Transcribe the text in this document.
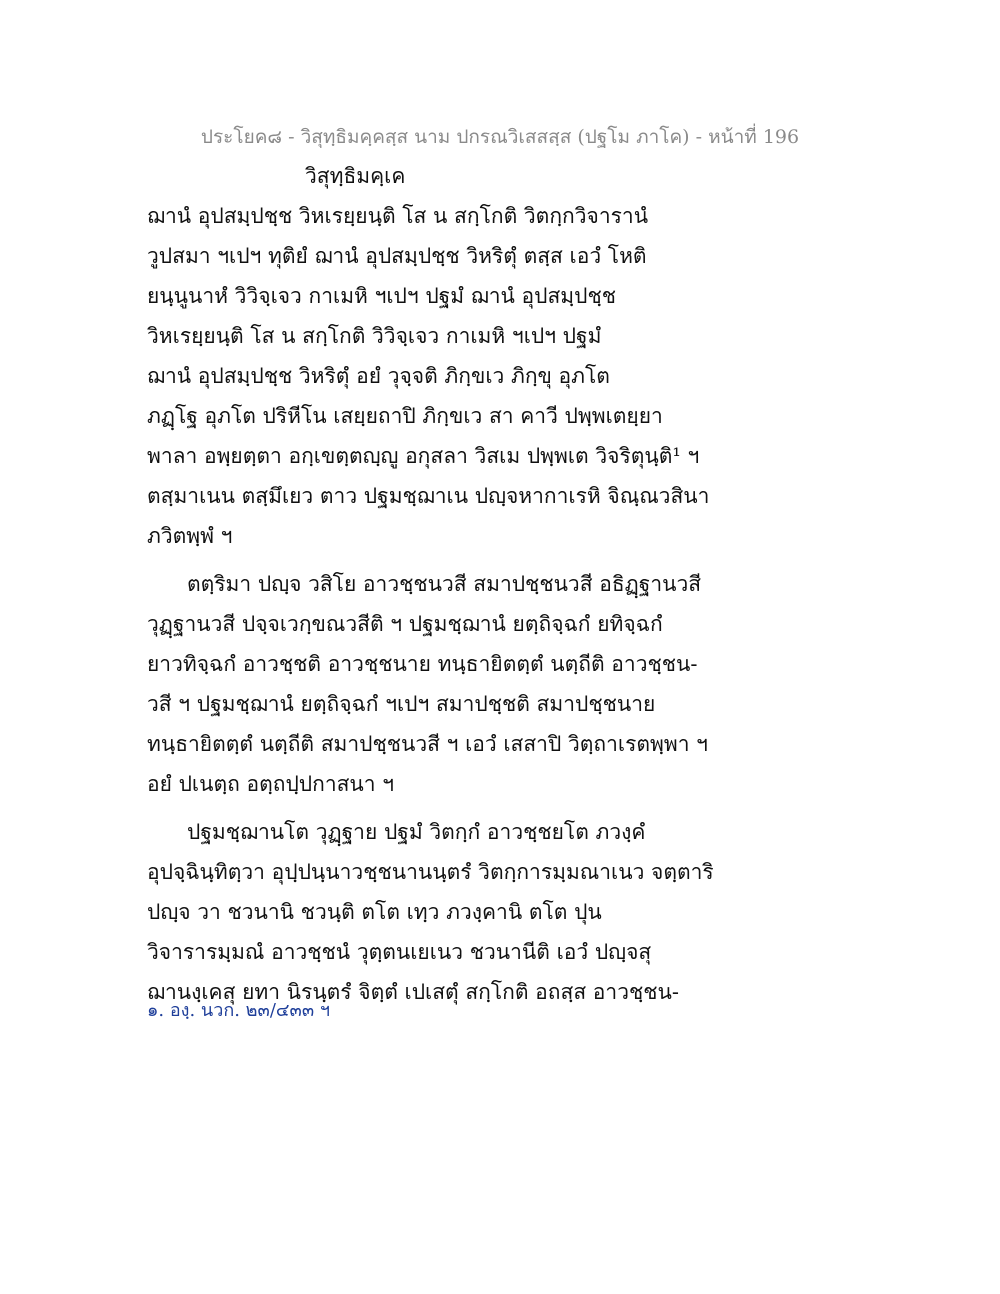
ประโยค๘ - วิสุทฺธิมคฺคสฺส นาม ปกรณวิเสสสฺส (ปฐโม ภาโค) - หน้าที่ 196
วิสุทฺธิมคฺเค
ฌานํ อุปสมฺปชฺช วิหเรยฺยนฺติ โส น สกฺโกติ วิตกฺกวิจารานํ
วูปสมา ฯเปฯ ทุติยํ ฌานํ อุปสมฺปชฺช วิหริตุํ ตสฺส เอวํ โหติ
ยนฺนูนาหํ วิวิจฺเจว กาเมหิ ฯเปฯ ปฐมํ ฌานํ อุปสมฺปชฺช
วิหเรยฺยนฺติ โส น สกฺโกติ วิวิจฺเจว กาเมหิ ฯเปฯ ปฐมํ
ฌานํ อุปสมฺปชฺช วิหริตุํ อยํ วุจฺจติ ภิกฺขเว ภิกฺขุ อุภโต
ภฏฺโฐ อุภโต ปริหีโน เสยฺยถาปิ ภิกฺขเว สา คาวี ปพฺพเตยฺยา
พาลา อพฺยตฺตา อกฺเขตฺตญฺญู อกุสลา วิสเม ปพฺพเต วิจริตุนฺติ¹ ฯ
ตสฺมาเนน ตสฺมึเยว ตาว ปฐมชฺฌาเน ปญฺจหากาเรหิ จิณฺณวสินา
ภวิตพฺพํ ฯ
ตตฺริมา ปญฺจ วสิโย อาวชฺชนวสี สมาปชฺชนวสี อธิฏฺฐานวสี
วุฏฺฐานวสี ปจฺจเวกฺขณวสีติ ฯ ปฐมชฺฌานํ ยตฺถิจฺฉกํ ยทิจฺฉกํ
ยาวทิจฺฉกํ อาวชฺชติ อาวชฺชนาย ทนฺธายิตตฺตํ นตฺถีติ อาวชฺชน-
วสี ฯ ปฐมชฺฌานํ ยตฺถิจฺฉกํ ฯเปฯ สมาปชฺชติ สมาปชฺชนาย
ทนฺธายิตตฺตํ นตฺถีติ สมาปชฺชนวสี ฯ เอวํ เสสาปิ วิตฺถาเรตพฺพา ฯ
อยํ ปเนตฺถ อตฺถปฺปกาสนา ฯ
ปฐมชฺฌานโต วุฏฺฐาย ปฐมํ วิตกฺกํ อาวชฺชยโต ภวงฺคํ
อุปจฺฉินฺทิตฺวา อุปฺปนฺนาวชฺชนานนฺตรํ วิตกฺการมฺมณาเนว จตฺตาริ
ปญฺจ วา ชวนานิ ชวนฺติ ตโต เทฺว ภวงฺคานิ ตโต ปุน
วิจารารมฺมณํ อาวชฺชนํ วุตฺตนเยเนว ชวนานีติ เอวํ ปญฺจสุ
ฌานงฺเคสุ ยทา นิรนฺตรํ จิตฺตํ เปเสตุํ สกฺโกติ อถสฺส อาวชฺชน-
๑. องฺ. นวก. ๒๓/๔๓๓ ฯ
